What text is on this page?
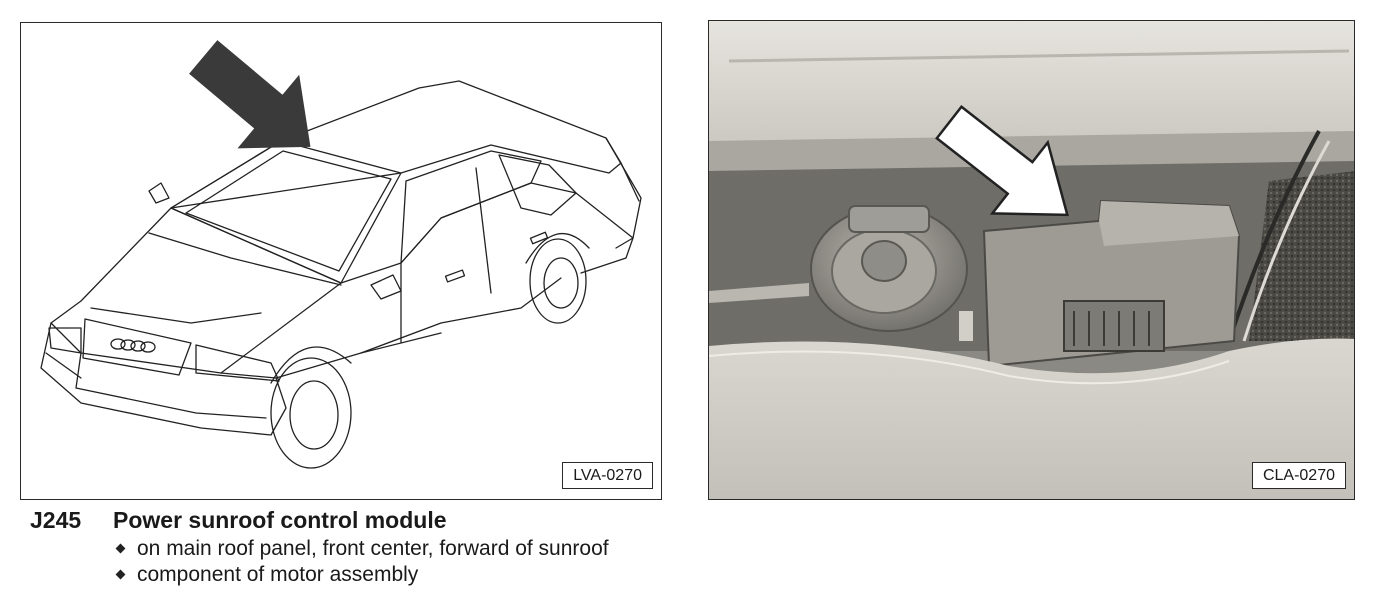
LVA-0270	CLA-0270
J245 Power sunroof control module
on main roof panel, front center, forward of sunroof
component of motor assembly
